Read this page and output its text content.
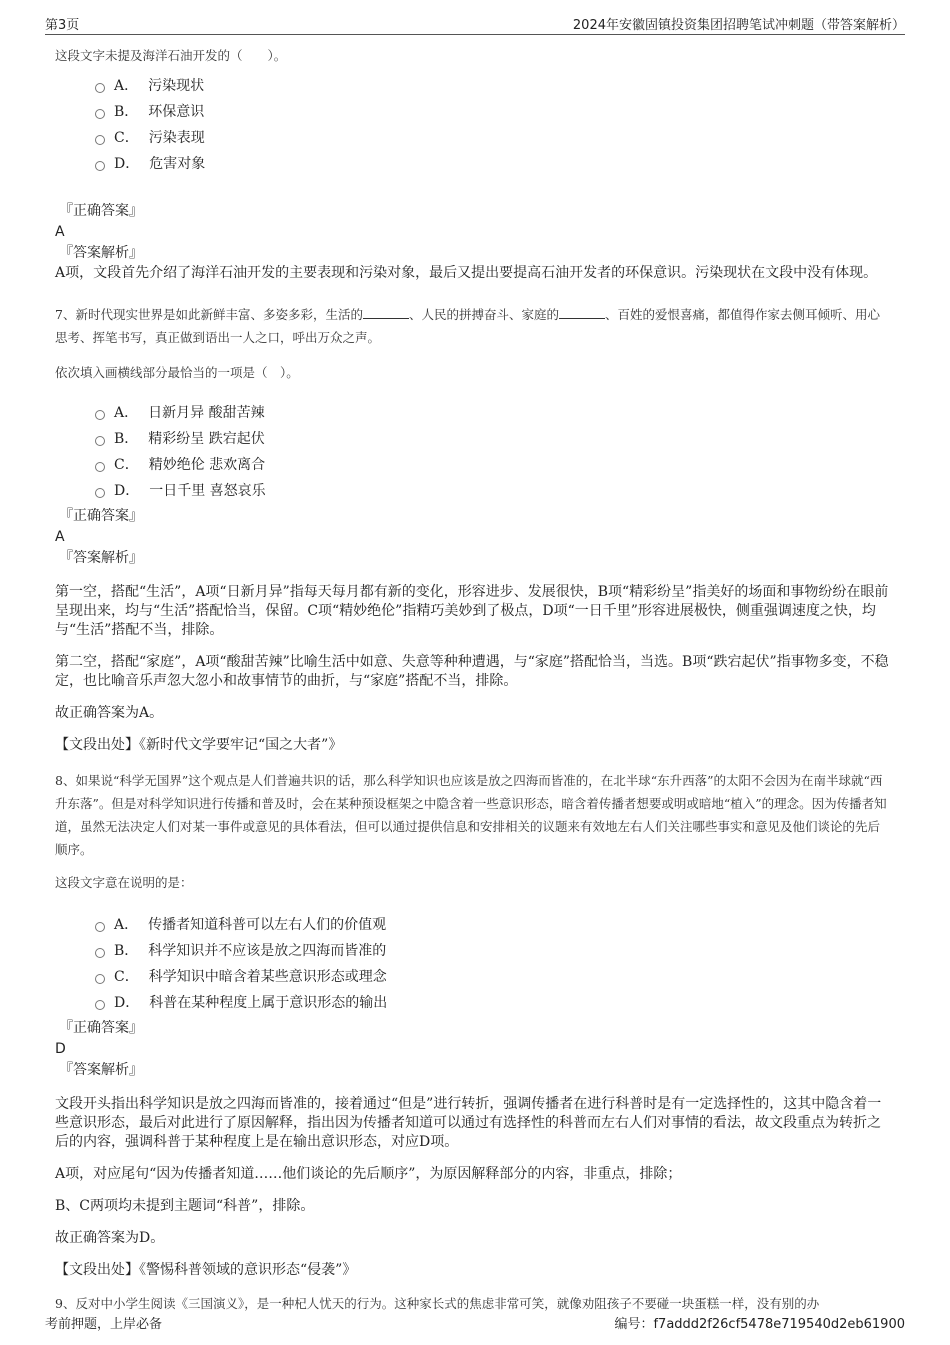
第3页	2024年安徽固镇投资集团招聘笔试冲刺题（带答案解析）

这段文字未提及海洋石油开发的（　　）。

A． 污染现状
B． 环保意识
C． 污染表现
D． 危害对象

『正确答案』

A

『答案解析』

A项，文段首先介绍了海洋石油开发的主要表现和污染对象，最后又提出要提高石油开发者的环保意识。污染现状在文段中没有体现。

7、新时代现实世界是如此新鲜丰富、多姿多彩，生活的	、人民的拼搏奋斗、家庭的	、百姓的爱恨喜痛，都值得作家去侧耳倾听、用心思考、挥笔书写，真正做到语出一人之口，呼出万众之声。

依次填入画横线部分最恰当的一项是（　）。

A． 日新月异 酸甜苦辣
B． 精彩纷呈 跌宕起伏
C． 精妙绝伦 悲欢离合
D． 一日千里 喜怒哀乐

『正确答案』

A

『答案解析』

第一空，搭配“生活”，A项“日新月异”指每天每月都有新的变化，形容进步、发展很快，B项“精彩纷呈”指美好的场面和事物纷纷在眼前呈现出来，均与“生活”搭配恰当，保留。C项“精妙绝伦”指精巧美妙到了极点，D项“一日千里”形容进展极快，侧重强调速度之快，均与“生活”搭配不当，排除。

第二空，搭配“家庭”，A项“酸甜苦辣”比喻生活中如意、失意等种种遭遇，与“家庭”搭配恰当，当选。B项“跌宕起伏”指事物多变，不稳定，也比喻音乐声忽大忽小和故事情节的曲折，与“家庭”搭配不当，排除。

故正确答案为A。

【文段出处】《新时代文学要牢记“国之大者”》

8、如果说“科学无国界”这个观点是人们普遍共识的话，那么科学知识也应该是放之四海而皆准的，在北半球“东升西落”的太阳不会因为在南半球就“西升东落”。但是对科学知识进行传播和普及时，会在某种预设框架之中隐含着一些意识形态，暗含着传播者想要或明或暗地“植入”的理念。因为传播者知道，虽然无法决定人们对某一事件或意见的具体看法，但可以通过提供信息和安排相关的议题来有效地左右人们关注哪些事实和意见及他们谈论的先后顺序。

这段文字意在说明的是：

A． 传播者知道科普可以左右人们的价值观
B． 科学知识并不应该是放之四海而皆准的
C． 科学知识中暗含着某些意识形态或理念
D． 科普在某种程度上属于意识形态的输出

『正确答案』

D

『答案解析』

文段开头指出科学知识是放之四海而皆准的，接着通过“但是”进行转折，强调传播者在进行科普时是有一定选择性的，这其中隐含着一些意识形态，最后对此进行了原因解释，指出因为传播者知道可以通过有选择性的科普而左右人们对事情的看法，故文段重点为转折之后的内容，强调科普于某种程度上是在输出意识形态，对应D项。

A项，对应尾句“因为传播者知道……他们谈论的先后顺序”，为原因解释部分的内容，非重点，排除；

B、C两项均未提到主题词“科普”，排除。

故正确答案为D。

【文段出处】《警惕科普领域的意识形态“侵袭”》

9、反对中小学生阅读《三国演义》，是一种杞人忧天的行为。这种家长式的焦虑非常可笑，就像劝阻孩子不要碰一块蛋糕一样，没有别的办

考前押题，上岸必备	编号：f7addd2f26cf5478e719540d2eb61900
